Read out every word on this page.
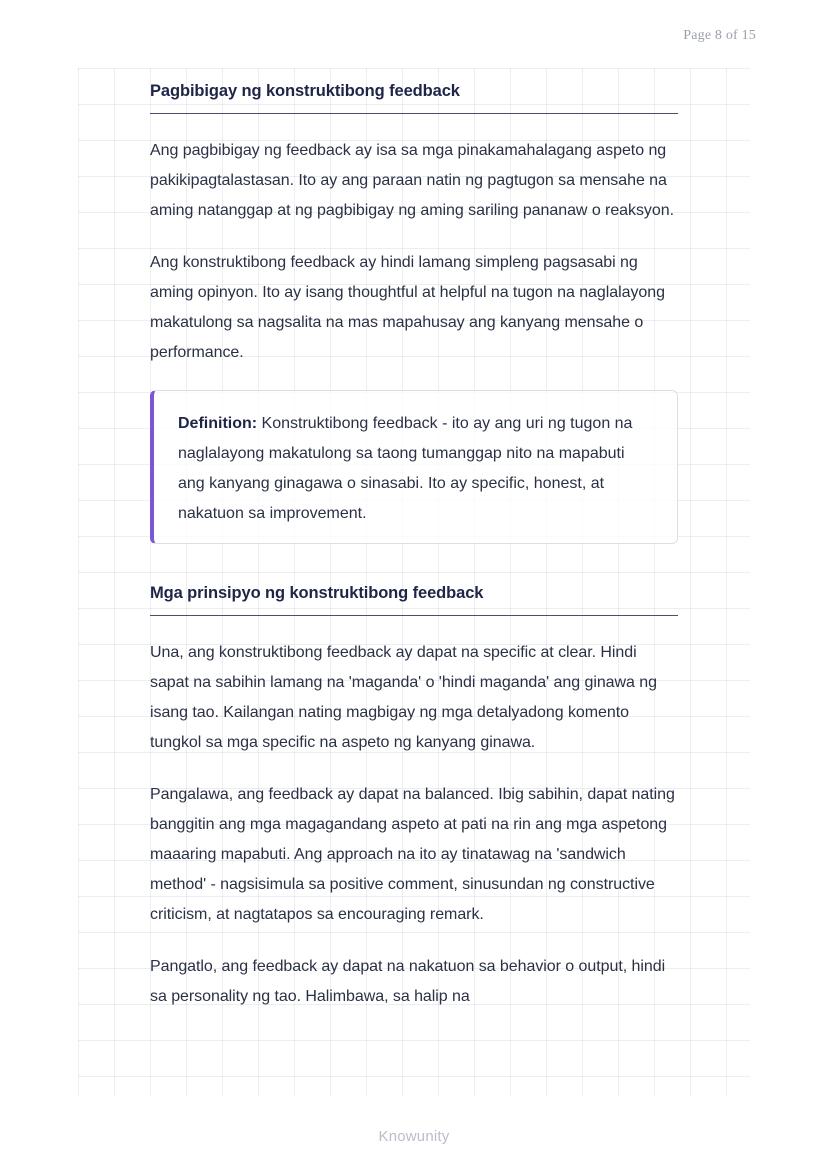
Page 8 of 15
Pagbibigay ng konstruktibong feedback

Ang pagbibigay ng feedback ay isa sa mga pinakamahalagang aspeto ng pakikipagtalastasan. Ito ay ang paraan natin ng pagtugon sa mensahe na aming natanggap at ng pagbibigay ng aming sariling pananaw o reaksyon.

Ang konstruktibong feedback ay hindi lamang simpleng pagsasabi ng aming opinyon. Ito ay isang thoughtful at helpful na tugon na naglalayong makatulong sa nagsalita na mas mapahusay ang kanyang mensahe o performance.

Definition: Konstruktibong feedback - ito ay ang uri ng tugon na naglalayong makatulong sa taong tumanggap nito na mapabuti ang kanyang ginagawa o sinasabi. Ito ay specific, honest, at nakatuon sa improvement.

Mga prinsipyo ng konstruktibong feedback

Una, ang konstruktibong feedback ay dapat na specific at clear. Hindi sapat na sabihin lamang na 'maganda' o 'hindi maganda' ang ginawa ng isang tao. Kailangan nating magbigay ng mga detalyadong komento tungkol sa mga specific na aspeto ng kanyang ginawa.

Pangalawa, ang feedback ay dapat na balanced. Ibig sabihin, dapat nating banggitin ang mga magagandang aspeto at pati na rin ang mga aspetong maaaring mapabuti. Ang approach na ito ay tinatawag na 'sandwich method' - nagsisimula sa positive comment, sinusundan ng constructive criticism, at nagtatapos sa encouraging remark.

Pangatlo, ang feedback ay dapat na nakatuon sa behavior o output, hindi sa personality ng tao. Halimbawa, sa halip na

Knowunity
